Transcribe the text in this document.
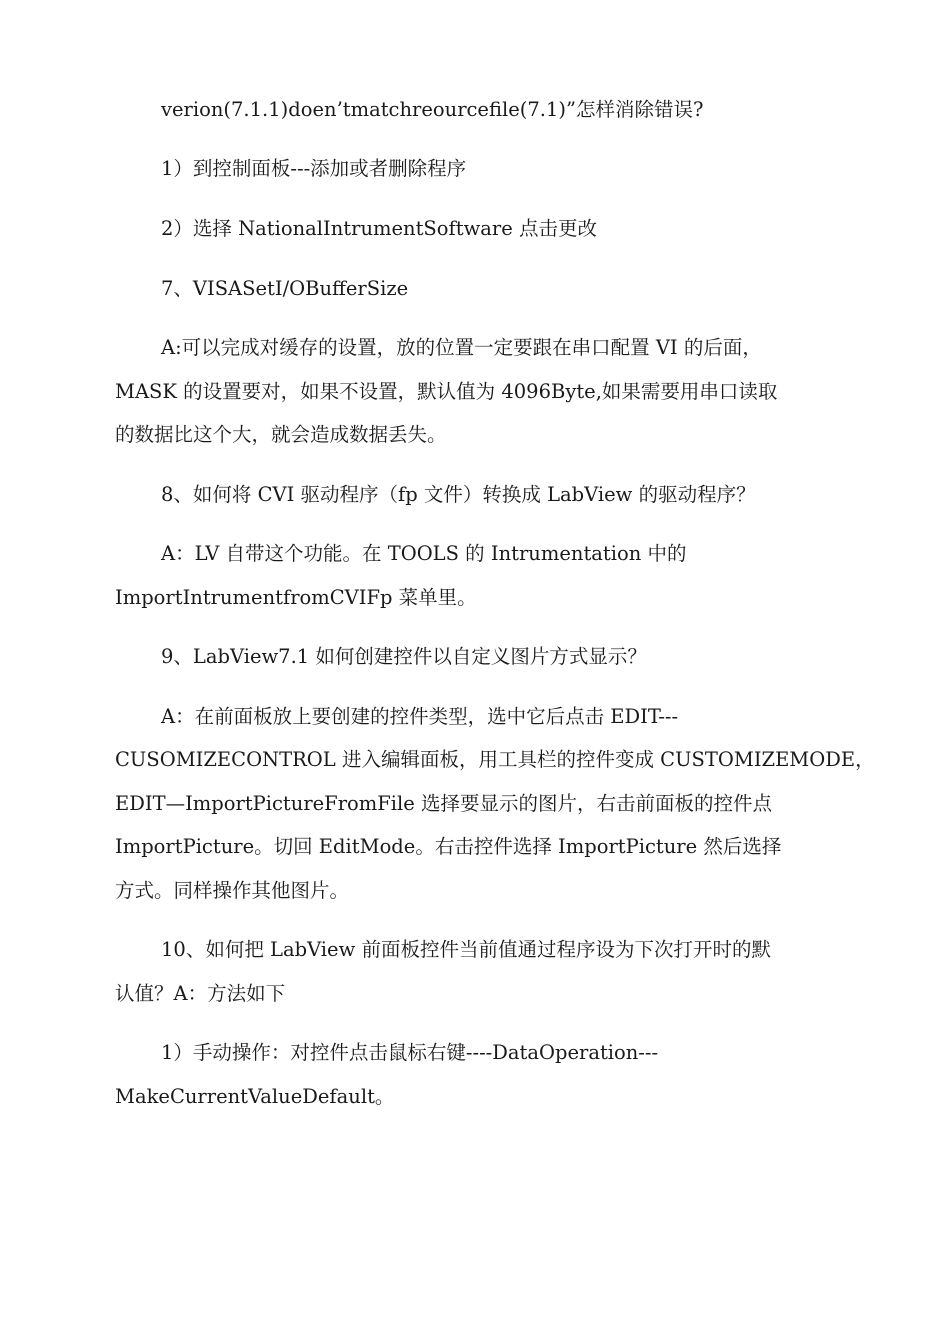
verion(7.1.1)doen’tmatchreourcefile(7.1)”怎样消除错误?
1）到控制面板---添加或者删除程序
2）选择 NationalIntrumentSoftware 点击更改
7、VISASetI/OBufferSize
A:可以完成对缓存的设置，放的位置一定要跟在串口配置 VI 的后面，
MASK 的设置要对，如果不设置，默认值为 4096Byte,如果需要用串口读取
的数据比这个大，就会造成数据丢失。
8、如何将 CVI 驱动程序（fp 文件）转换成 LabView 的驱动程序？
A：LV 自带这个功能。在 TOOLS 的 Intrumentation 中的
ImportIntrumentfromCVIFp 菜单里。
9、LabView7.1 如何创建控件以自定义图片方式显示？
A：在前面板放上要创建的控件类型，选中它后点击 EDIT---
CUSOMIZECONTROL 进入编辑面板，用工具栏的控件变成 CUSTOMIZEMODE，
EDIT—ImportPictureFromFile 选择要显示的图片，右击前面板的控件点
ImportPicture。切回 EditMode。右击控件选择 ImportPicture 然后选择
方式。同样操作其他图片。
10、如何把 LabView 前面板控件当前值通过程序设为下次打开时的默
认值？A：方法如下
1）手动操作：对控件点击鼠标右键----DataOperation---
MakeCurrentValueDefault。
